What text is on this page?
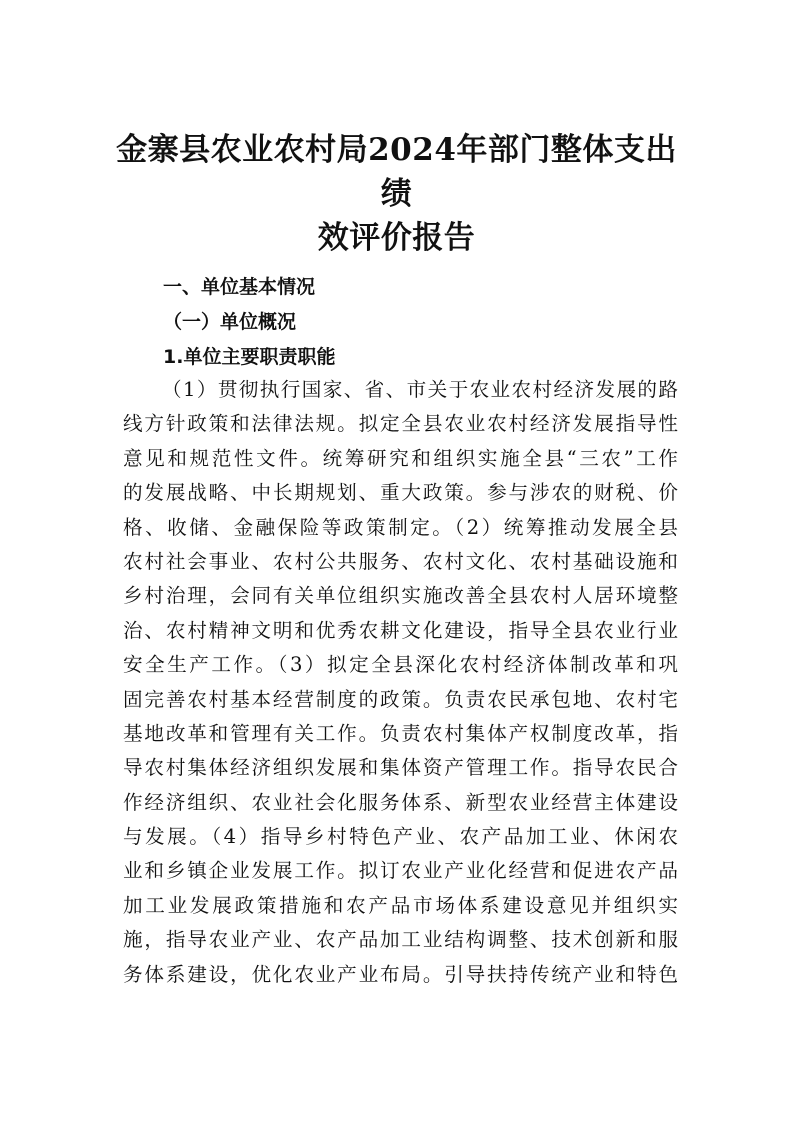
金寨县农业农村局2024年部门整体支出绩
效评价报告
一、单位基本情况
（一）单位概况
1.单位主要职责职能
（1）贯彻执行国家、省、市关于农业农村经济发展的路
线方针政策和法律法规。拟定全县农业农村经济发展指导性
意见和规范性文件。统筹研究和组织实施全县“三农”工作
的发展战略、中长期规划、重大政策。参与涉农的财税、价
格、收储、金融保险等政策制定。（2）统筹推动发展全县
农村社会事业、农村公共服务、农村文化、农村基础设施和
乡村治理，会同有关单位组织实施改善全县农村人居环境整
治、农村精神文明和优秀农耕文化建设，指导全县农业行业
安全生产工作。（3）拟定全县深化农村经济体制改革和巩
固完善农村基本经营制度的政策。负责农民承包地、农村宅
基地改革和管理有关工作。负责农村集体产权制度改革，指
导农村集体经济组织发展和集体资产管理工作。指导农民合
作经济组织、农业社会化服务体系、新型农业经营主体建设
与发展。（4）指导乡村特色产业、农产品加工业、休闲农
业和乡镇企业发展工作。拟订农业产业化经营和促进农产品
加工业发展政策措施和农产品市场体系建设意见并组织实
施，指导农业产业、农产品加工业结构调整、技术创新和服
务体系建设，优化农业产业布局。引导扶持传统产业和特色
